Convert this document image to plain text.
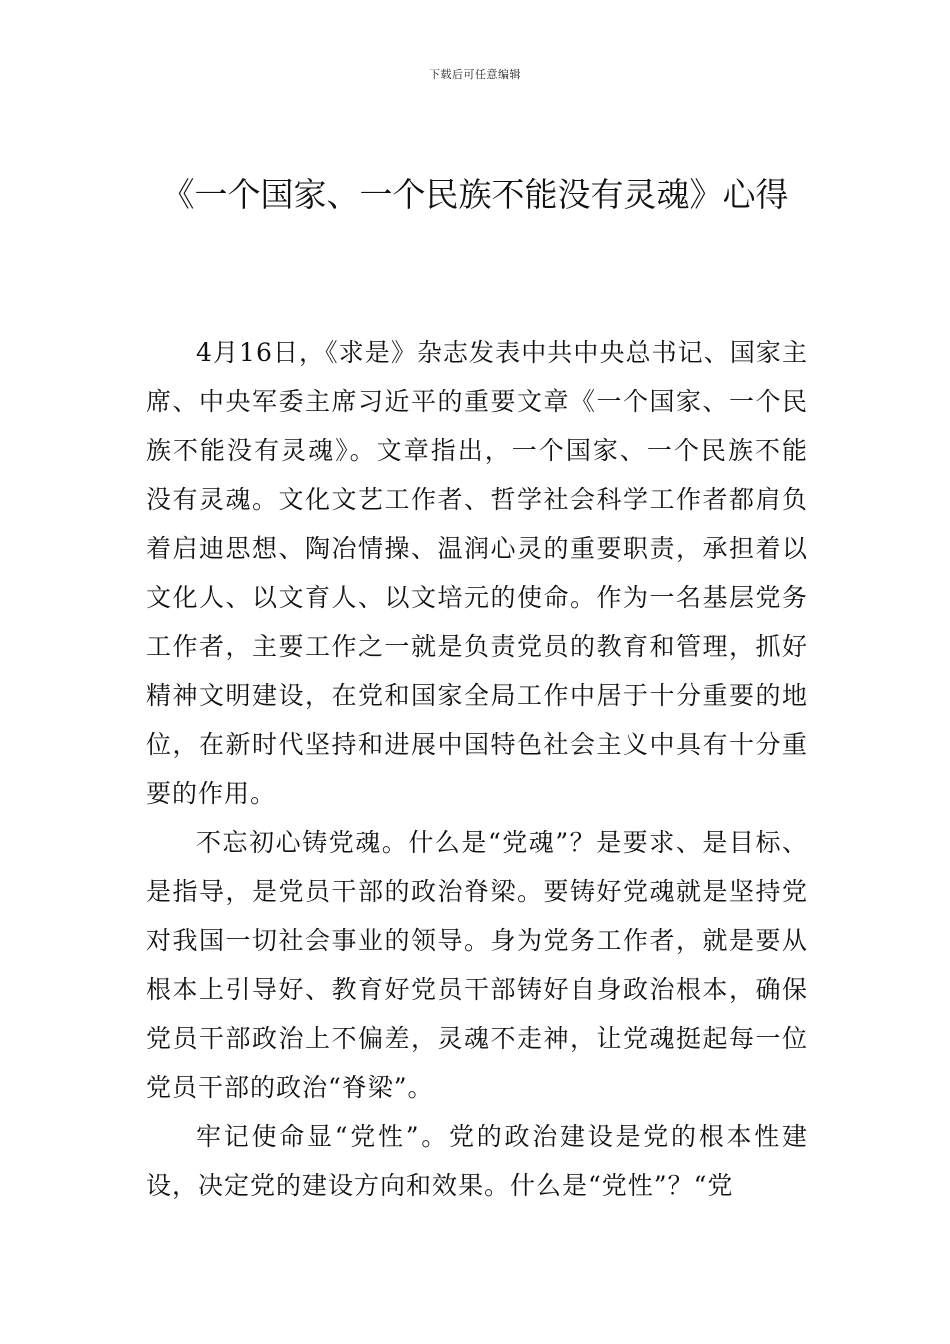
下载后可任意编辑
《一个国家、一个民族不能没有灵魂》心得

4月16日，《求是》杂志发表中共中央总书记、国家主席、中央军委主席习近平的重要文章《一个国家、一个民族不能没有灵魂》。文章指出，一个国家、一个民族不能没有灵魂。文化文艺工作者、哲学社会科学工作者都肩负着启迪思想、陶冶情操、温润心灵的重要职责，承担着以文化人、以文育人、以文培元的使命。作为一名基层党务工作者，主要工作之一就是负责党员的教育和管理，抓好精神文明建设，在党和国家全局工作中居于十分重要的地位，在新时代坚持和进展中国特色社会主义中具有十分重要的作用。

不忘初心铸党魂。什么是“党魂”？是要求、是目标、是指导，是党员干部的政治脊梁。要铸好党魂就是坚持党对我国一切社会事业的领导。身为党务工作者，就是要从根本上引导好、教育好党员干部铸好自身政治根本，确保党员干部政治上不偏差，灵魂不走神，让党魂挺起每一位党员干部的政治“脊梁”。

牢记使命显“党性”。党的政治建设是党的根本性建设，决定党的建设方向和效果。什么是“党性”？“党
